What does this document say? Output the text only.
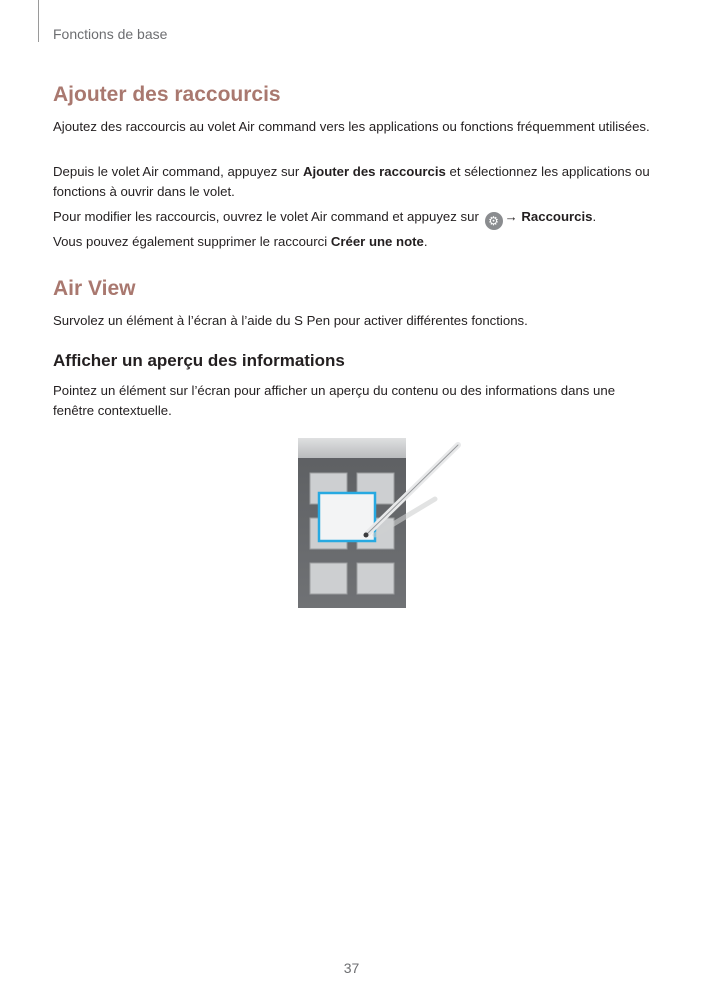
Fonctions de base
Ajouter des raccourcis

Ajoutez des raccourcis au volet Air command vers les applications ou fonctions fréquemment utilisées.

Depuis le volet Air command, appuyez sur Ajouter des raccourcis et sélectionnez les applications ou fonctions à ouvrir dans le volet.

Pour modifier les raccourcis, ouvrez le volet Air command et appuyez sur ⚙ → Raccourcis.

Vous pouvez également supprimer le raccourci Créer une note.

Air View

Survolez un élément à l’écran à l’aide du S Pen pour activer différentes fonctions.

Afficher un aperçu des informations

Pointez un élément sur l’écran pour afficher un aperçu du contenu ou des informations dans une fenêtre contextuelle.

37
